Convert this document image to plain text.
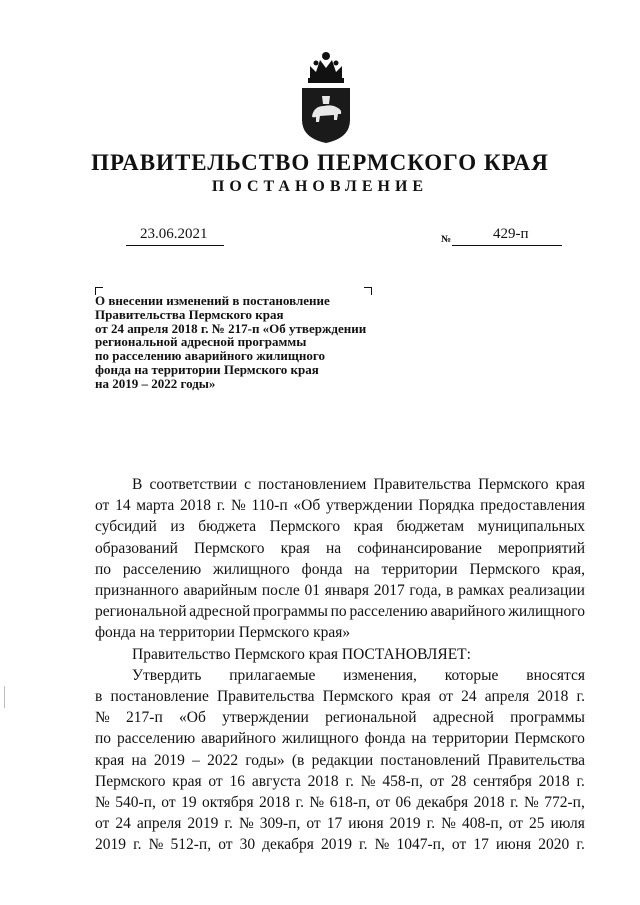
ПРАВИТЕЛЬСТВО ПЕРМСКОГО КРАЯ
ПОСТАНОВЛЕНИЕ
23.06.2021	№	429-п
О внесении изменений в постановление
Правительства Пермского края
от 24 апреля 2018 г. № 217-п «Об утверждении
региональной адресной программы
по расселению аварийного жилищного
фонда на территории Пермского края
на 2019 – 2022 годы»
В соответствии с постановлением Правительства Пермского края
от 14 марта 2018 г. № 110-п «Об утверждении Порядка предоставления
субсидий из бюджета Пермского края бюджетам муниципальных
образований Пермского края на софинансирование мероприятий
по расселению жилищного фонда на территории Пермского края,
признанного аварийным после 01 января 2017 года, в рамках реализации
региональной адресной программы по расселению аварийного жилищного
фонда на территории Пермского края»
Правительство Пермского края ПОСТАНОВЛЯЕТ:
Утвердить прилагаемые изменения, которые вносятся
в постановление Правительства Пермского края от 24 апреля 2018 г.
№ 217-п «Об утверждении региональной адресной программы
по расселению аварийного жилищного фонда на территории Пермского
края на 2019 – 2022 годы» (в редакции постановлений Правительства
Пермского края от 16 августа 2018 г. № 458-п, от 28 сентября 2018 г.
№ 540-п, от 19 октября 2018 г. № 618-п, от 06 декабря 2018 г. № 772-п,
от 24 апреля 2019 г. № 309-п, от 17 июня 2019 г. № 408-п, от 25 июля
2019 г. № 512-п, от 30 декабря 2019 г. № 1047-п, от 17 июня 2020 г.
